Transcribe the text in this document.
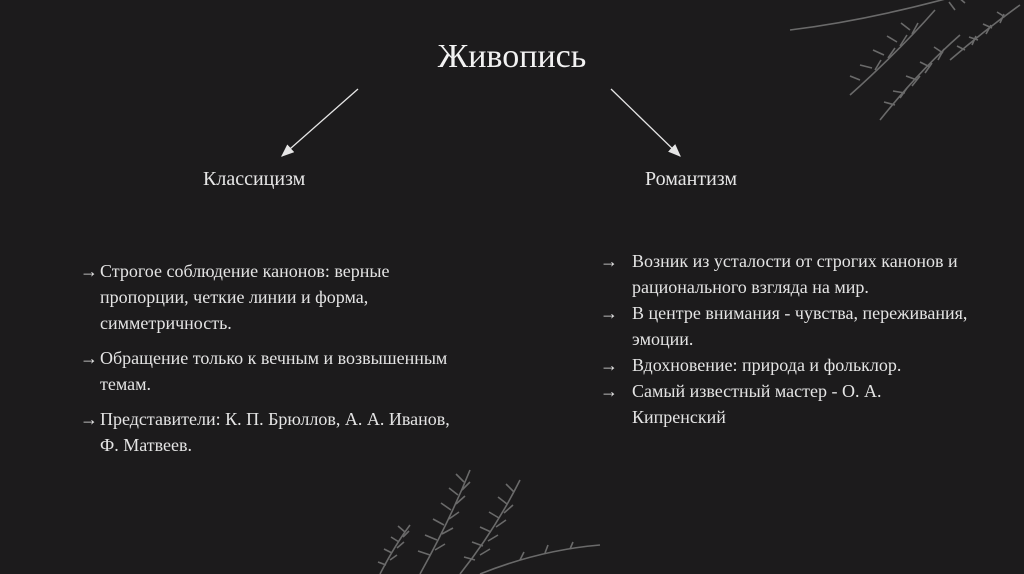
Живопись
Классицизм	Романтизм
→ Строгое соблюдение канонов: верные пропорции, четкие линии и форма, симметричность.
→ Обращение только к вечным и возвышенным темам.
→ Представители: К. П. Брюллов, А. А. Иванов, Ф. Матвеев.
→ Возник из усталости от строгих канонов и рационального взгляда на мир.
→ В центре внимания - чувства, переживания, эмоции.
→ Вдохновение: природа и фольклор.
→ Самый известный мастер - О. А. Кипренский
